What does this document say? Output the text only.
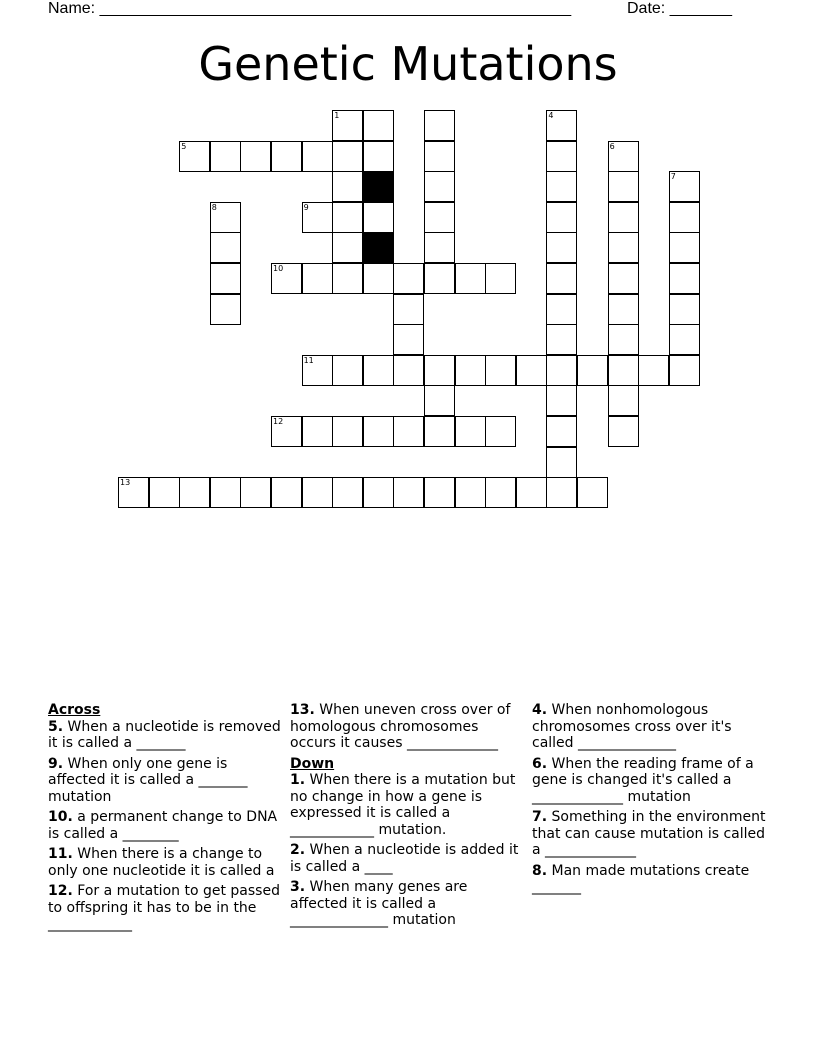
Name: _____________________________________________________	Date: _______
Genetic Mutations
1	4
5	6
7
8	9
10
11
12
13
Across
5. When a nucleotide is removed it is called a _______
9. When only one gene is affected it is called a _______ mutation
10. a permanent change to DNA is called a ________
11. When there is a change to only one nucleotide it is called a
12. For a mutation to get passed to offspring it has to be in the ____________
13. When uneven cross over of homologous chromosomes occurs it causes _____________
Down
1. When there is a mutation but no change in how a gene is expressed it is called a ____________ mutation.
2. When a nucleotide is added it is called a ____
3. When many genes are affected it is called a ______________ mutation
4. When nonhomologous chromosomes cross over it's called ______________
6. When the reading frame of a gene is changed it's called a _____________ mutation
7. Something in the environment that can cause mutation is called a _____________
8. Man made mutations create _______
